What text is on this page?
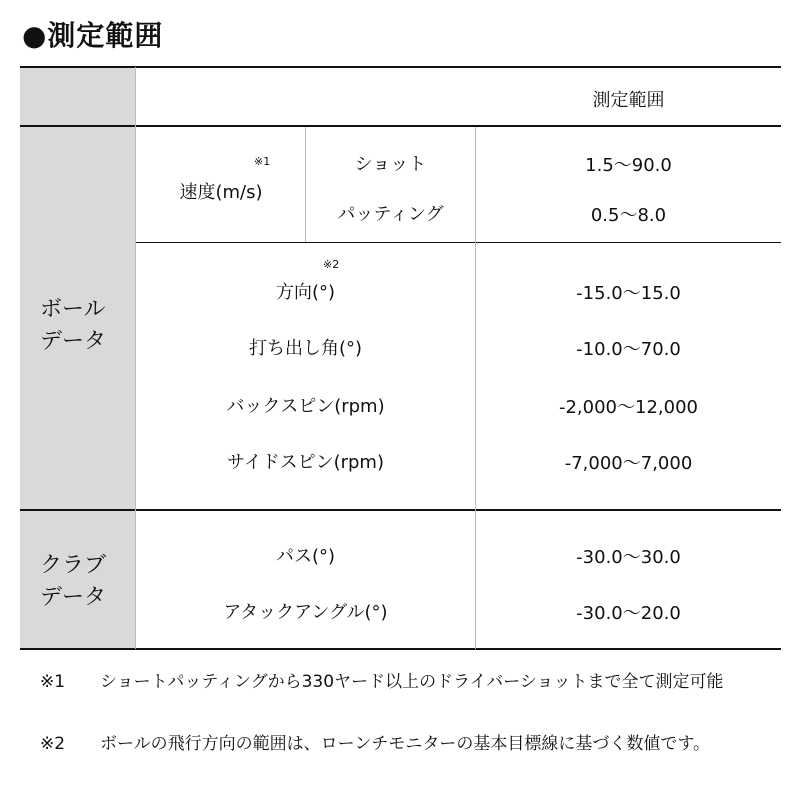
●測定範囲
測定範囲
ボール
データ
※1
速度(m/s)
ショット	1.5〜90.0
パッティング	0.5〜8.0
※2
方向(°)	-15.0〜15.0
打ち出し角(°)	-10.0〜70.0
バックスピン(rpm)	-2,000〜12,000
サイドスピン(rpm)	-7,000〜7,000
クラブ
データ
パス(°)	-30.0〜30.0
アタックアングル(°)	-30.0〜20.0
※1 ショートパッティングから330ヤード以上のドライバーショットまで全て測定可能
※2 ボールの飛行方向の範囲は、ローンチモニターの基本目標線に基づく数値です。
